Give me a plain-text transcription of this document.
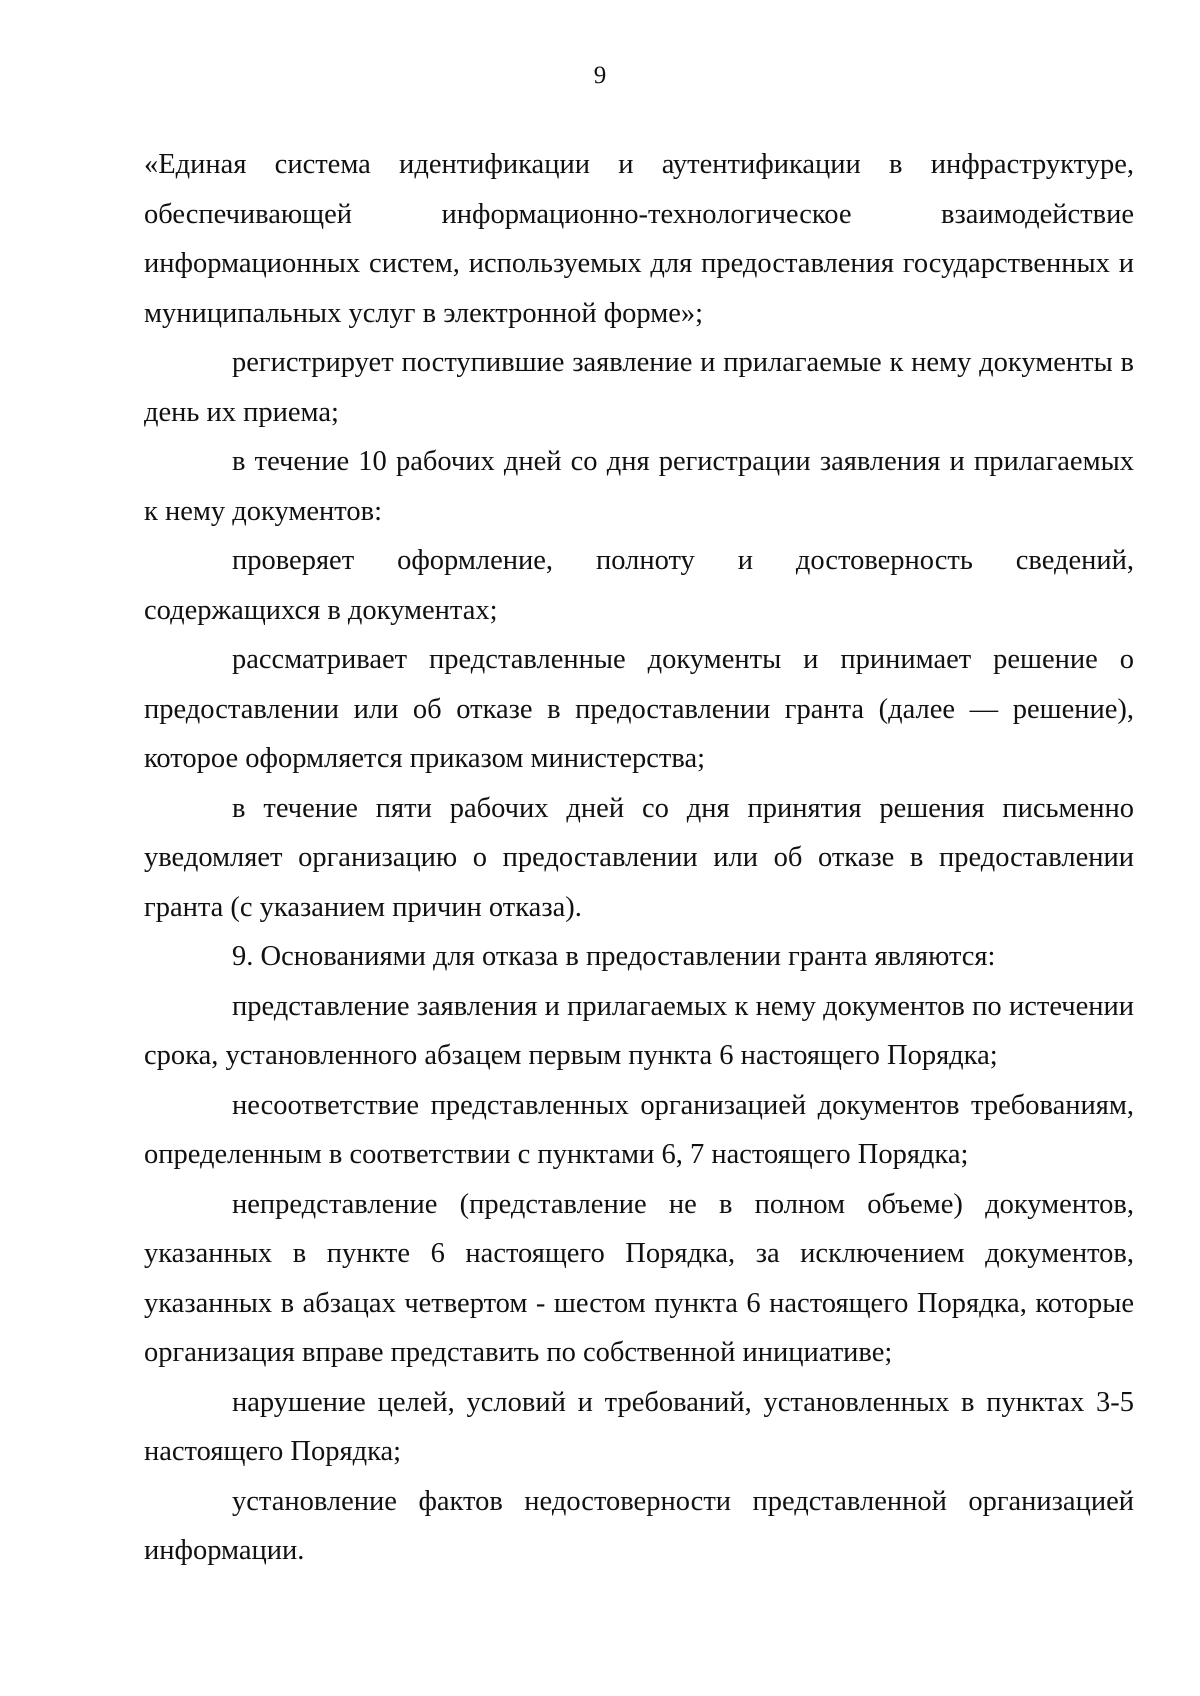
9

«Единая система идентификации и аутентификации в инфраструктуре, обеспечивающей информационно-технологическое взаимодействие информационных систем, используемых для предоставления государственных и муниципальных услуг в электронной форме»;

регистрирует поступившие заявление и прилагаемые к нему документы в день их приема;

в течение 10 рабочих дней со дня регистрации заявления и прилагаемых к нему документов:

проверяет оформление, полноту и достоверность сведений, содержащихся в документах;

рассматривает представленные документы и принимает решение о предоставлении или об отказе в предоставлении гранта (далее — решение), которое оформляется приказом министерства;

в течение пяти рабочих дней со дня принятия решения письменно уведомляет организацию о предоставлении или об отказе в предоставлении гранта (с указанием причин отказа).

9. Основаниями для отказа в предоставлении гранта являются:

представление заявления и прилагаемых к нему документов по истечении срока, установленного абзацем первым пункта 6 настоящего Порядка;

несоответствие представленных организацией документов требованиям, определенным в соответствии с пунктами 6, 7 настоящего Порядка;

непредставление (представление не в полном объеме) документов, указанных в пункте 6 настоящего Порядка, за исключением документов, указанных в абзацах четвертом - шестом пункта 6 настоящего Порядка, которые организация вправе представить по собственной инициативе;

нарушение целей, условий и требований, установленных в пунктах 3-5 настоящего Порядка;

установление фактов недостоверности представленной организацией информации.
